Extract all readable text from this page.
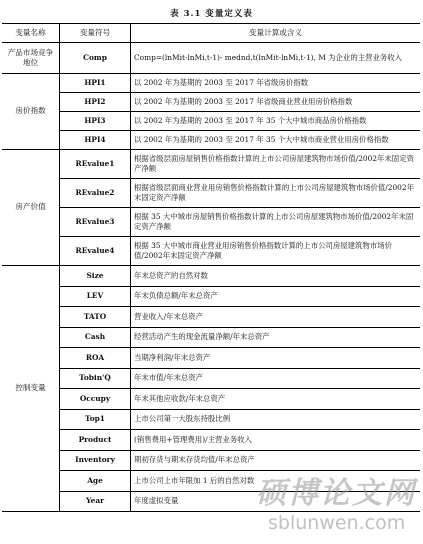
表 3.1 变量定义表
变量名称	变量符号	变量计算或含义
产品市场竞争地位	Comp	Comp=(lnMit-lnMi,t-1)- mednd,t(lnMit-lnMi,t-1), M 为企业的主营业务收入
房价指数	HPI1	以 2002 年为基期的 2003 至 2017 年省级房价指数
	HPI2	以 2002 年为基期的 2003 至 2017 年省级商业营业用房价格指数
	HPI3	以 2002 年为基期的 2003 至 2017 年 35 个大中城市商品房价格指数
	HPI4	以 2002 年为基期的 2003 至 2017 年 35 个大中城市商业营业用房价格指数
房产价值	REvalue1	根据省级层面房屋销售价格指数计算的上市公司房屋建筑物市场价值/2002年末固定资产净额
	REvalue2	根据省级层面商业营业用房销售价格指数计算的上市公司房屋建筑物市场价值/2002年末固定资产净额
	REvalue3	根据 35 大中城市房屋销售价格指数计算的上市公司房屋建筑物市场价值/2002年末固定资产净额
	REvalue4	根据 35 大中城市商业营业用房销售价格指数计算的上市公司房屋建筑物市场价值/2002年末固定资产净额
控制变量	Size	年末总资产的自然对数
	LEV	年末负债总额/年末总资产
	TATO	营业收入/年末总资产
	Cash	经营活动产生的现金流量净额/年末总资产
	ROA	当期净利润/年末总资产
	Tobin'Q	年末市值/年末总资产
	Occupy	年末其他应收款/年末总资产
	Top1	上市公司第一大股东持股比例
	Product	(销售费用+管理费用)/主营业务收入
	Inventory	期初存货与期末存货均值/年末总资产
	Age	上市公司上市年限加 1 后的自然对数
	Year	年度虚拟变量	硕博论文网
sblunwen.com
